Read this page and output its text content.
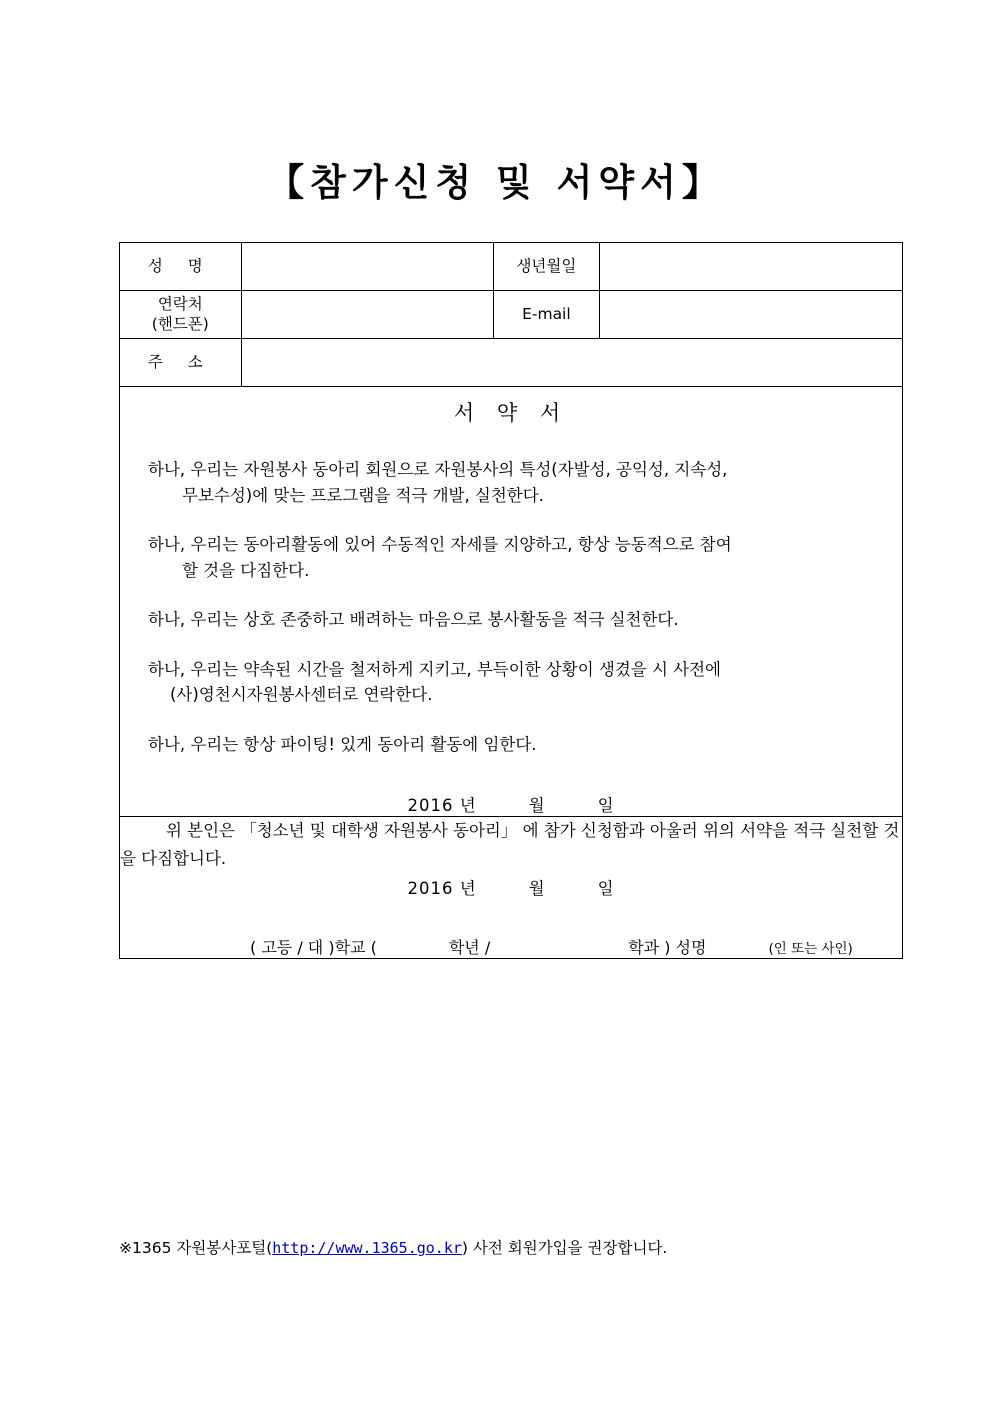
【참가신청 및 서약서】
성 명		생년월일	

연락처
(핸드폰)		E-mail	
주 소			

서 약 서
하나, 우리는 자원봉사 동아리 회원으로 자원봉사의 특성(자발성, 공익성, 지속성,
무보수성)에 맞는 프로그램을 적극 개발, 실천한다.
하나, 우리는 동아리활동에 있어 수동적인 자세를 지양하고, 항상 능동적으로 참여
할 것을 다짐한다.
하나, 우리는 상호 존중하고 배려하는 마음으로 봉사활동을 적극 실천한다.
하나, 우리는 약속된 시간을 철저하게 지키고, 부득이한 상황이 생겼을 시 사전에
(사)영천시자원봉사센터로 연락한다.
하나, 우리는 항상 파이팅! 있게 동아리 활동에 임한다.
2016 년	월	일

위 본인은 「청소년 및 대학생 자원봉사 동아리」 에 참가 신청함과 아울러 위의 서약을 적극 실천할 것을 다짐합니다.

2016 년 월 일
( 고등 / 대 )학교 ( 학년 / 학과 ) 성명 (인 또는 사인)			
※1365 자원봉사포털(http://www.1365.go.kr) 사전 회원가입을 권장합니다.
